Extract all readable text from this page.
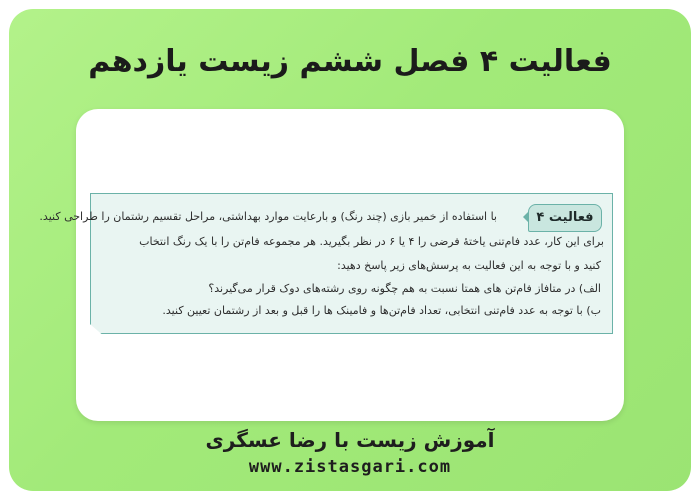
فعالیت ۴ فصل ششم زیست یازدهم
فعالیت ۴
با استفاده از خمیر بازی (چند رنگ) و بارعایت موارد بهداشتی، مراحل تقسیم رشتمان را طراحی کنید.
برای این کار، عدد فام‌تنی یاختهٔ فرضی را ۴ یا ۶ در نظر بگیرید. هر مجموعه فام‌تن را با یک رنگ انتخاب
کنید و با توجه به این فعالیت به پرسش‌های زیر پاسخ دهید:
الف) در متافاز فام‌تن های همتا نسبت به هم چگونه روی رشته‌های دوک قرار می‌گیرند؟
ب) با توجه به عدد فام‌تنی انتخابی، تعداد فام‌تن‌ها و فامینک ها را قبل و بعد از رشتمان تعیین کنید.
آموزش زیست با رضا عسگری
www.zistasgari.com
